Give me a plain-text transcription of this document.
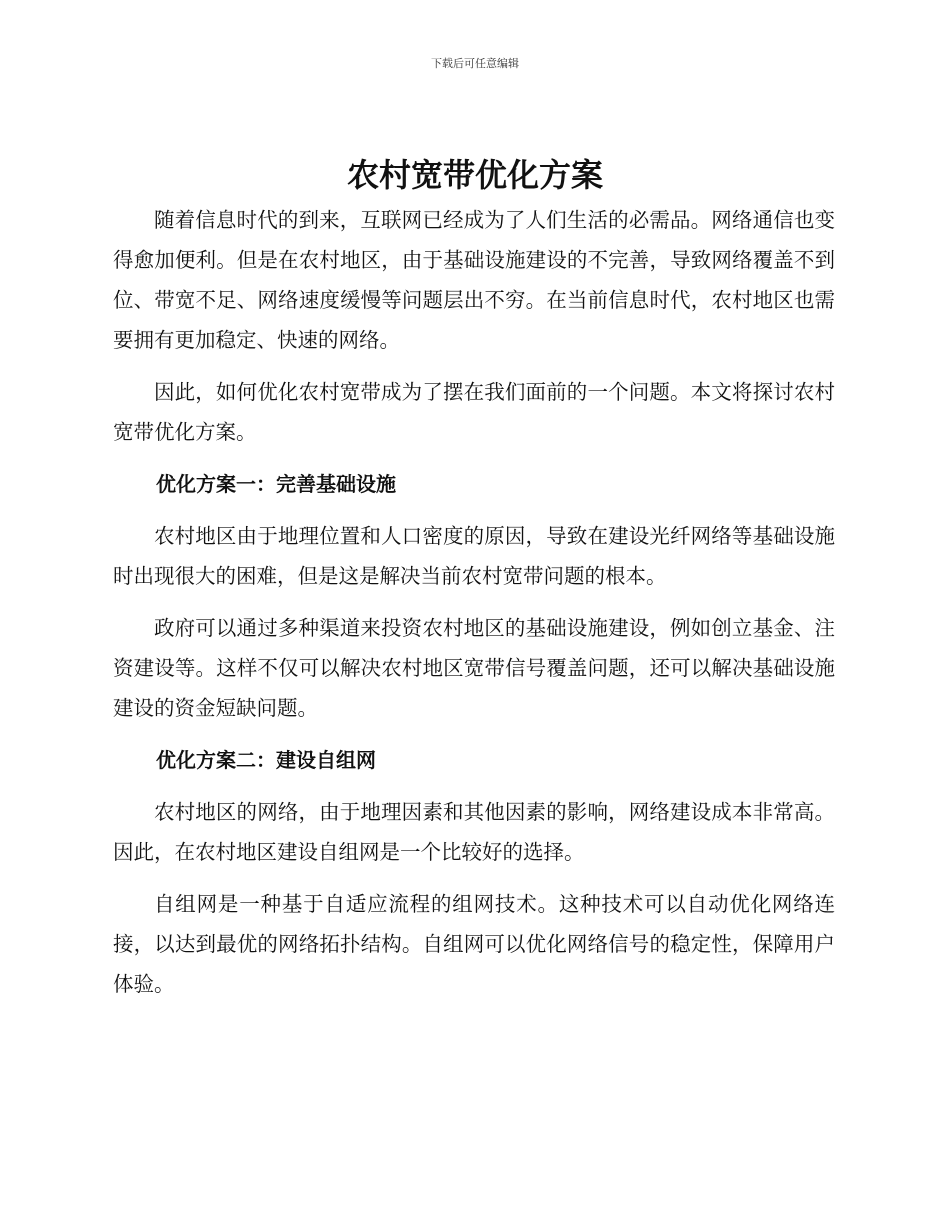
下载后可任意编辑
农村宽带优化方案

随着信息时代的到来，互联网已经成为了人们生活的必需品。网络通信也变得愈加便利。但是在农村地区，由于基础设施建设的不完善，导致网络覆盖不到位、带宽不足、网络速度缓慢等问题层出不穷。在当前信息时代，农村地区也需要拥有更加稳定、快速的网络。

因此，如何优化农村宽带成为了摆在我们面前的一个问题。本文将探讨农村宽带优化方案。

优化方案一：完善基础设施

农村地区由于地理位置和人口密度的原因，导致在建设光纤网络等基础设施时出现很大的困难，但是这是解决当前农村宽带问题的根本。

政府可以通过多种渠道来投资农村地区的基础设施建设，例如创立基金、注资建设等。这样不仅可以解决农村地区宽带信号覆盖问题，还可以解决基础设施建设的资金短缺问题。

优化方案二：建设自组网

农村地区的网络，由于地理因素和其他因素的影响，网络建设成本非常高。因此，在农村地区建设自组网是一个比较好的选择。

自组网是一种基于自适应流程的组网技术。这种技术可以自动优化网络连接，以达到最优的网络拓扑结构。自组网可以优化网络信号的稳定性，保障用户体验。
